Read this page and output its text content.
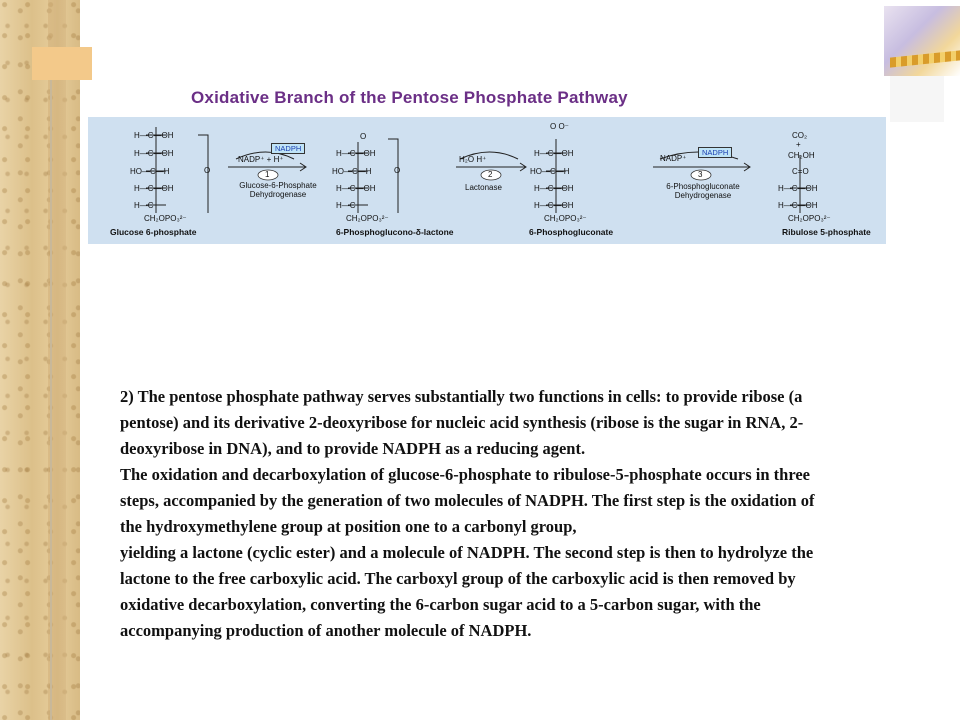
Oxidative Branch of the Pentose Phosphate Pathway
H—C—OH
H—C—OH
HO—C—H
H—C—OH
H—C
O
CH₂OPO₃²⁻
O
H—C—OH
HO—C—H
H—C—OH
H—C
O
CH₂OPO₃²⁻
O O⁻
H—C—OH
HO—C—H
H—C—OH
H—C—OH
CH₂OPO₃²⁻
CH₂OH
C=O
H—C—OH
H—C—OH
CH₂OPO₃²⁻
NADPH
NADP⁺ + H⁺
1
Glucose-6-Phosphate Dehydrogenase
H₂O H⁺
2
Lactonase
NADPH
NADP⁺
3
6-Phosphogluconate Dehydrogenase
CO₂
+
Glucose 6-phosphate	6-Phosphoglucono-δ-lactone	6-Phosphogluconate	Ribulose 5-phosphate

2) The pentose phosphate pathway serves substantially two functions in cells: to provide ribose (a pentose) and its derivative 2-deoxyribose for nucleic acid synthesis (ribose is the sugar in RNA, 2-deoxyribose in DNA), and to provide NADPH as a reducing agent.

The oxidation and decarboxylation of glucose-6-phosphate to ribulose-5-phosphate occurs in three steps, accompanied by the generation of two molecules of NADPH. The first step is the oxidation of the hydroxymethylene group at position one to a carbonyl group,

yielding a lactone (cyclic ester) and a molecule of NADPH. The second step is then to hydrolyze the lactone to the free carboxylic acid. The carboxyl group of the carboxylic acid is then removed by oxidative decarboxylation, converting the 6-carbon sugar acid to a 5-carbon sugar, with the accompanying production of another molecule of NADPH.
